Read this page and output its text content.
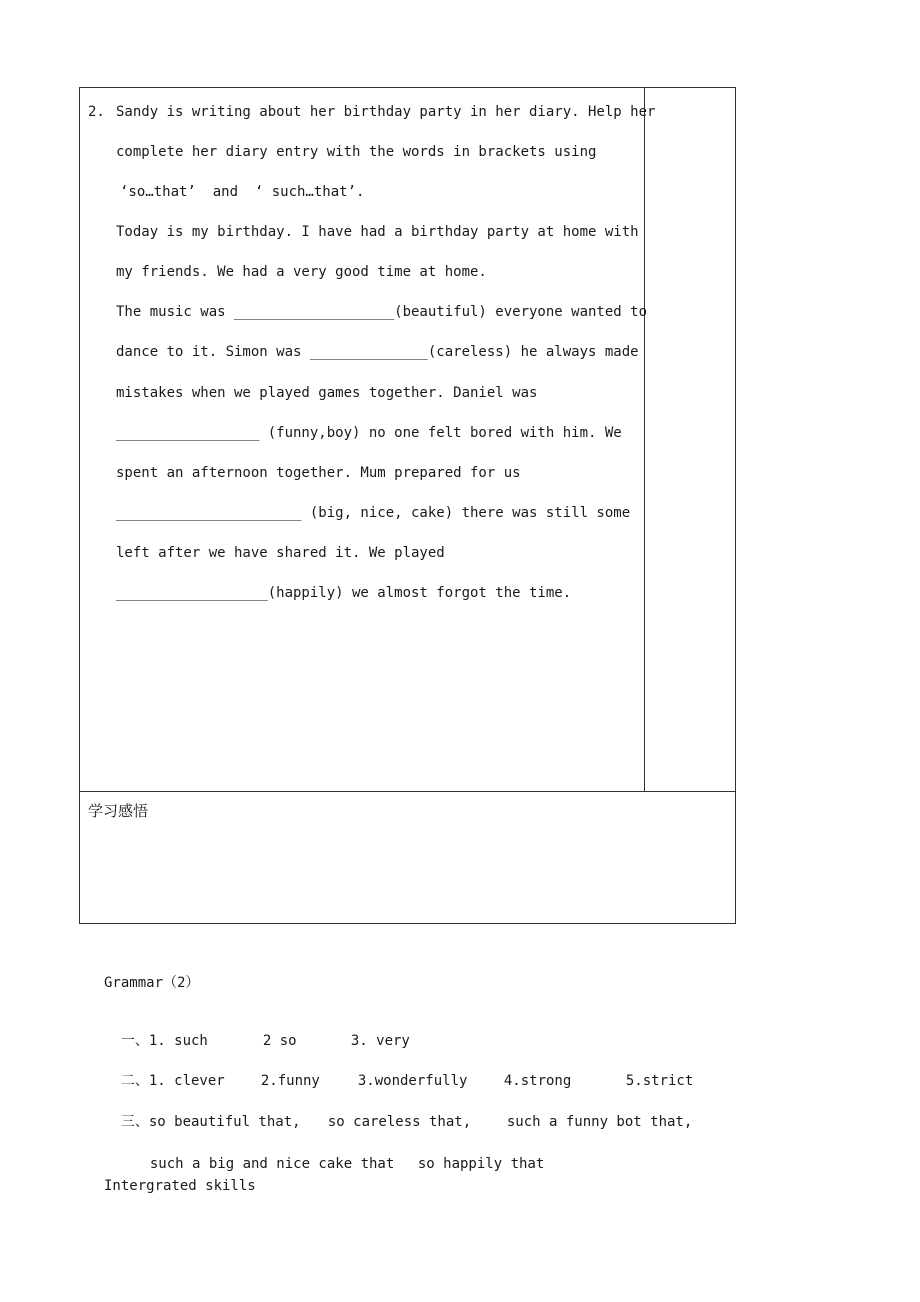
2. Sandy is writing about her birthday party in her diary. Help her
complete her diary entry with the words in brackets using
‘so…that’  and  ‘ such…that’.
Today is my birthday. I have had a birthday party at home with
my friends. We had a very good time at home.
The music was ___________________(beautiful) everyone wanted to
dance to it. Simon was ______________(careless) he always made
mistakes when we played games together. Daniel was
_________________ (funny,boy) no one felt bored with him. We
spent an afternoon together. Mum prepared for us
______________________ (big, nice, cake) there was still some
left after we have shared it. We played
__________________(happily) we almost forgot the time.
学习感悟
Grammar（2）

一、1. such	2 so	3. very

二、1. clever	2.funny	3.wonderfully	4.strong	5.strict

三、so beautiful that, so careless that,	such a funny bot that,

such a big and nice cake that so happily that

Intergrated skills
